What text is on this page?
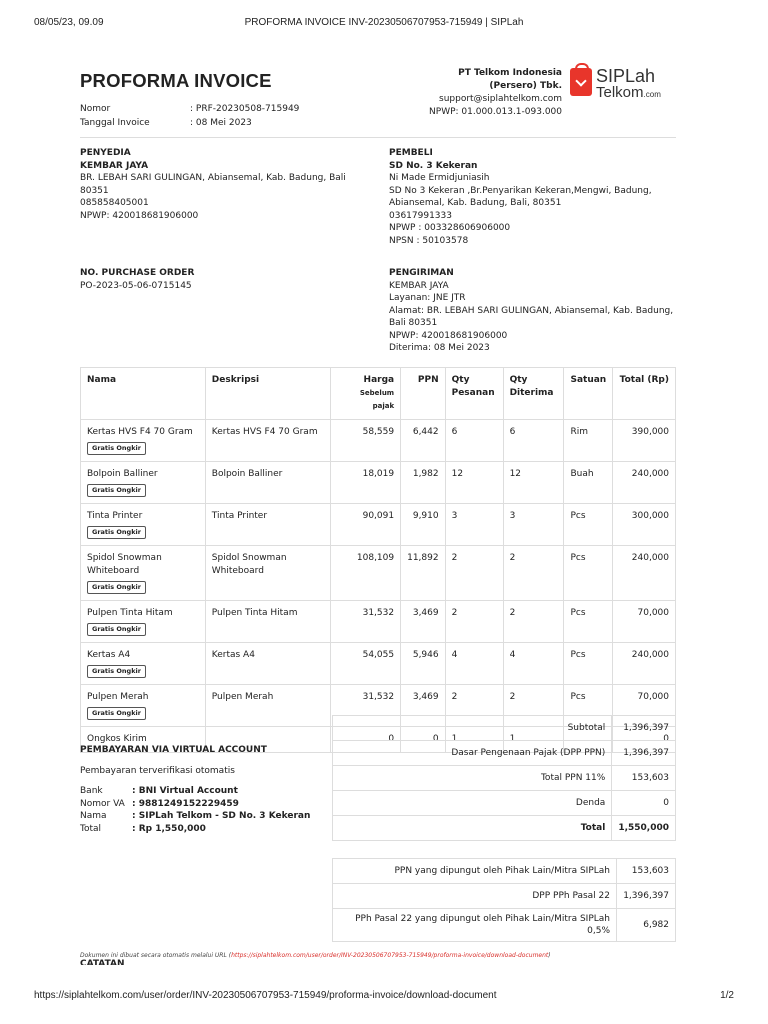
08/05/23, 09.09	PROFORMA INVOICE INV-20230506707953-715949 | SIPLah
PROFORMA INVOICE
Nomor	: PRF-20230508-715949
Tanggal Invoice	: 08 Mei 2023
PT Telkom Indonesia
(Persero) Tbk.
support@siplahtelkom.com
NPWP: 01.000.013.1-093.000
SIPLah
Telkom.com
PENYEDIA
KEMBAR JAYA
BR. LEBAH SARI GULINGAN, Abiansemal, Kab. Badung, Bali
80351
085858405001
NPWP: 420018681906000
PEMBELI
SD No. 3 Kekeran
Ni Made Ermidjuniasih
SD No 3 Kekeran ,Br.Penyarikan Kekeran,Mengwi, Badung,
Abiansemal, Kab. Badung, Bali, 80351
03617991333
NPWP : 003328606906000
NPSN : 50103578
NO. PURCHASE ORDER
PO-2023-05-06-0715145
PENGIRIMAN
KEMBAR JAYA
Layanan: JNE JTR
Alamat: BR. LEBAH SARI GULINGAN, Abiansemal, Kab. Badung,
Bali 80351
NPWP: 420018681906000
Diterima: 08 Mei 2023
Nama	Deskripsi	Harga
Sebelum pajak	PPN	Qty Pesanan	Qty Diterima	Satuan	Total (Rp)

Kertas HVS F4 70 Gram
Gratis Ongkir	Kertas HVS F4 70 Gram	58,559	6,442	6	6	Rim	390,000

Bolpoin Balliner
Gratis Ongkir	Bolpoin Balliner	18,019	1,982	12	12	Buah	240,000

Tinta Printer
Gratis Ongkir	Tinta Printer	90,091	9,910	3	3	Pcs	300,000

Spidol Snowman Whiteboard
Gratis Ongkir	Spidol Snowman Whiteboard	108,109	11,892	2	2	Pcs	240,000

Pulpen Tinta Hitam
Gratis Ongkir	Pulpen Tinta Hitam	31,532	3,469	2	2	Pcs	70,000

Kertas A4
Gratis Ongkir	Kertas A4	54,055	5,946	4	4	Pcs	240,000

Pulpen Merah
Gratis Ongkir	Pulpen Merah	31,532	3,469	2	2	Pcs	70,000
Ongkos Kirim		0	0	1	1		0
PEMBAYARAN VIA VIRTUAL ACCOUNT
Pembayaran terverifikasi otomatis
Bank	: BNI Virtual Account
Nomor VA : 9881249152229459
Nama	: SIPLah Telkom - SD No. 3 Kekeran
Total	: Rp 1,550,000
Subtotal	1,396,397
Dasar Pengenaan Pajak (DPP PPN)	1,396,397
Total PPN 11%	153,603
Denda	0
Total	1,550,000
PPN yang dipungut oleh Pihak Lain/Mitra SIPLah	153,603
DPP PPh Pasal 22	1,396,397
PPh Pasal 22 yang dipungut oleh Pihak Lain/Mitra SIPLah 0,5%	6,982
Dokumen ini dibuat secara otomatis melalui URL (https://siplahtelkom.com/user/order/INV-20230506707953-715949/proforma-invoice/download-document)
CATATAN
https://siplahtelkom.com/user/order/INV-20230506707953-715949/proforma-invoice/download-document	1/2
